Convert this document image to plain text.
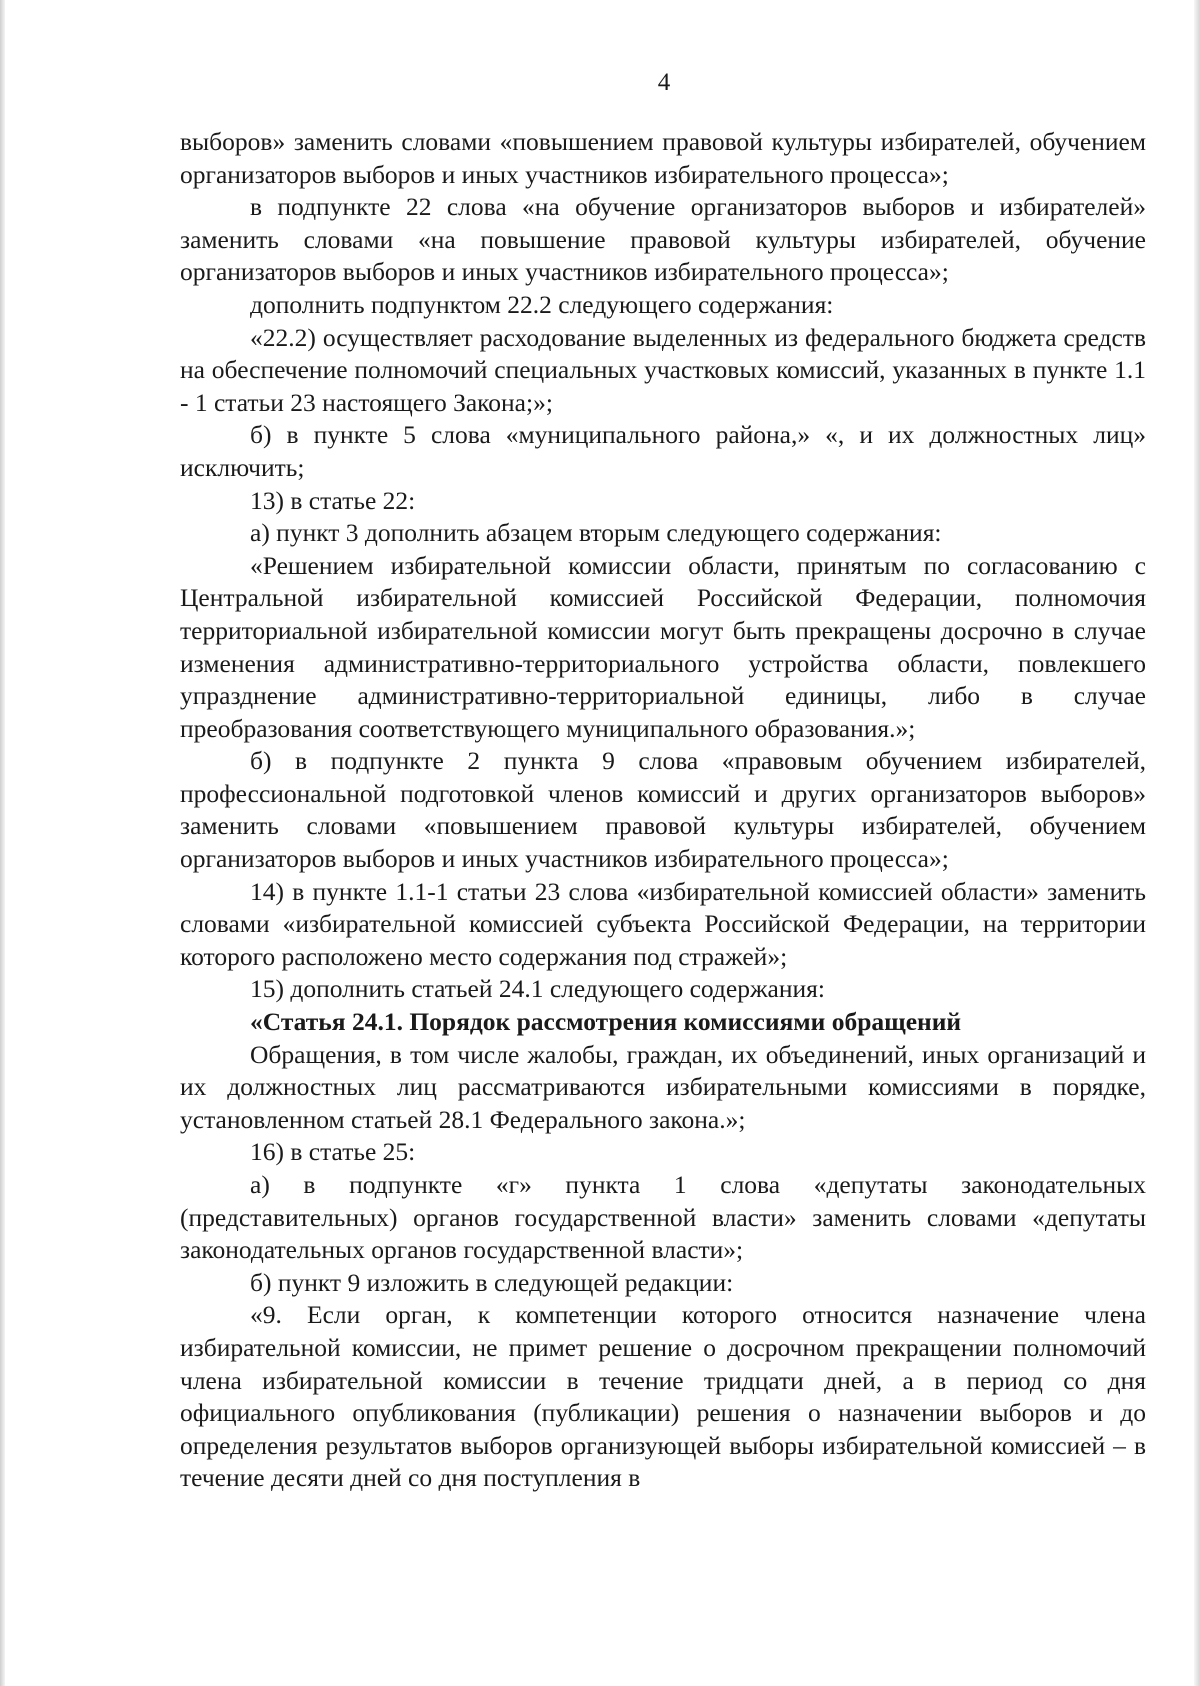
4

выборов» заменить словами «повышением правовой культуры избирателей, обучением организаторов выборов и иных участников избирательного процесса»;

в подпункте 22 слова «на обучение организаторов выборов и избирателей» заменить словами «на повышение правовой культуры избирателей, обучение организаторов выборов и иных участников избирательного процесса»;

дополнить подпунктом 22.2 следующего содержания:

«22.2) осуществляет расходование выделенных из федерального бюджета средств на обеспечение полномочий специальных участковых комиссий, указанных в пункте 1.1 - 1 статьи 23 настоящего Закона;»;

б) в пункте 5 слова «муниципального района,» «, и их должностных лиц» исключить;

13) в статье 22:

а) пункт 3 дополнить абзацем вторым следующего содержания:

«Решением избирательной комиссии области, принятым по согласованию с Центральной избирательной комиссией Российской Федерации, полномочия территориальной избирательной комиссии могут быть прекращены досрочно в случае изменения административно-территориального устройства области, повлекшего упразднение административно-территориальной единицы, либо в случае преобразования соответствующего муниципального образования.»;

б) в подпункте 2 пункта 9 слова «правовым обучением избирателей, профессиональной подготовкой членов комиссий и других организаторов выборов» заменить словами «повышением правовой культуры избирателей, обучением организаторов выборов и иных участников избирательного процесса»;

14) в пункте 1.1-1 статьи 23 слова «избирательной комиссией области» заменить словами «избирательной комиссией субъекта Российской Федерации, на территории которого расположено место содержания под стражей»;

15) дополнить статьей 24.1 следующего содержания:

«Статья 24.1. Порядок рассмотрения комиссиями обращений

Обращения, в том числе жалобы, граждан, их объединений, иных организаций и их должностных лиц рассматриваются избирательными комиссиями в порядке, установленном статьей 28.1 Федерального закона.»;

16) в статье 25:

а) в подпункте «г» пункта 1 слова «депутаты законодательных (представительных) органов государственной власти» заменить словами «депутаты законодательных органов государственной власти»;

б) пункт 9 изложить в следующей редакции:

«9. Если орган, к компетенции которого относится назначение члена избирательной комиссии, не примет решение о досрочном прекращении полномочий члена избирательной комиссии в течение тридцати дней, а в период со дня официального опубликования (публикации) решения о назначении выборов и до определения результатов выборов организующей выборы избирательной комиссией – в течение десяти дней со дня поступления в
